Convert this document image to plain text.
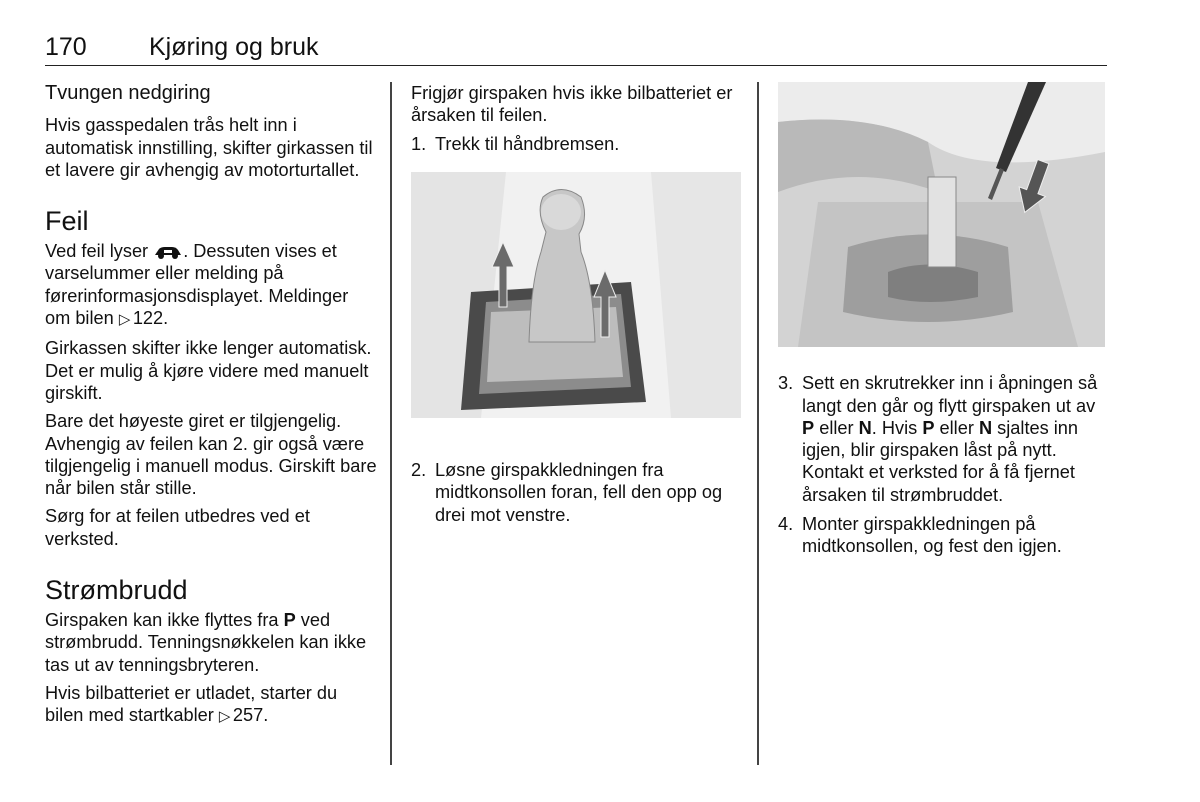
170 Kjøring og bruk
Tvungen nedgiring

Hvis gasspedalen trås helt inn i automatisk innstilling, skifter girkassen til et lavere gir avhengig av motorturtallet.

Feil

Ved feil lyser . Dessuten vises et varselummer eller melding på førerinformasjonsdisplayet. Meldinger om bilen ▷ 122.

Girkassen skifter ikke lenger automatisk. Det er mulig å kjøre videre med manuelt girskift.

Bare det høyeste giret er tilgjengelig. Avhengig av feilen kan 2. gir også være tilgjengelig i manuell modus. Girskift bare når bilen står stille.

Sørg for at feilen utbedres ved et verksted.

Strømbrudd

Girspaken kan ikke flyttes fra P ved strømbrudd. Tenningsnøkkelen kan ikke tas ut av tenningsbryteren.

Hvis bilbatteriet er utladet, starter du bilen med startkabler ▷ 257.

Frigjør girspaken hvis ikke bilbatteriet er årsaken til feilen.

1. Trekk til håndbremsen.
2. Løsne girspakkledningen fra midtkonsollen foran, fell den opp og drei mot venstre.
3. Sett en skrutrekker inn i åpningen så langt den går og flytt girspaken ut av P eller N. Hvis P eller N sjaltes inn igjen, blir girspaken låst på nytt. Kontakt et verksted for å få fjernet årsaken til strømbruddet.
4. Monter girspakkledningen på midtkonsollen, og fest den igjen.
